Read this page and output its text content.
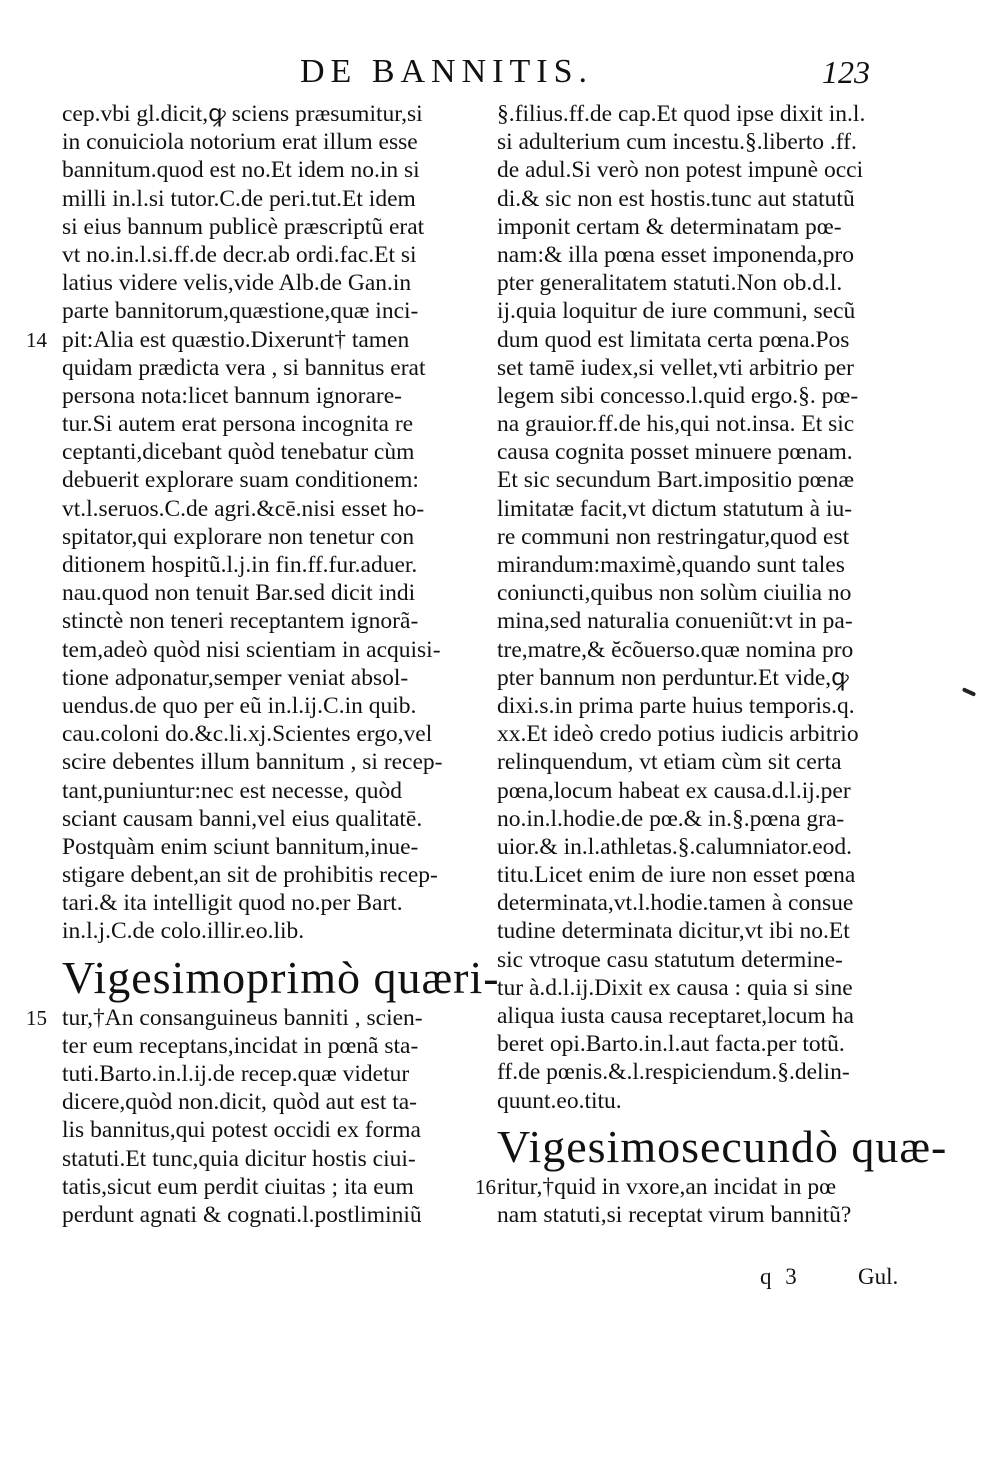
DE BANNITIS.	123
cep.vbi gl.dicit,ꝙ sciens præsumitur,si
in conuiciola notorium erat illum esse
bannitum.quod est no.Et idem no.in si
milli in.l.si tutor.C.de peri.tut.Et idem
si eius bannum publicè præscriptũ erat
vt no.in.l.si.ff.de decr.ab ordi.fac.Et si
latius videre velis,vide Alb.de Gan.in
parte bannitorum,quæstione,quæ inci-
14 pit:Alia est quæstio.Dixerunt† tamen
quidam prædicta vera , si bannitus erat
persona nota:licet bannum ignorare-
tur.Si autem erat persona incognita re
ceptanti,dicebant quòd tenebatur cùm
debuerit explorare suam conditionem:
vt.l.seruos.C.de agri.&cē.nisi esset ho-
spitator,qui explorare non tenetur con
ditionem hospitũ.l.j.in fin.ff.fur.aduer.
nau.quod non tenuit Bar.sed dicit indi
stinctè non teneri receptantem ignorã-
tem,adeò quòd nisi scientiam in acquisi-
tione adponatur,semper veniat absol-
uendus.de quo per eũ in.l.ij.C.in quib.
cau.coloni do.&c.li.xj.Scientes ergo,vel
scire debentes illum bannitum , si recep-
tant,puniuntur:nec est necesse, quòd
sciant causam banni,vel eius qualitatē.
Postquàm enim sciunt bannitum,inue-
stigare debent,an sit de prohibitis recep-
tari.& ita intelligit quod no.per Bart.
in.l.j.C.de colo.illir.eo.lib.
Vigesimoprimò quæri-
15 tur,†An consanguineus banniti , scien-
ter eum receptans,incidat in pœnã sta-
tuti.Barto.in.l.ij.de recep.quæ videtur
dicere,quòd non.dicit, quòd aut est ta-
lis bannitus,qui potest occidi ex forma
statuti.Et tunc,quia dicitur hostis ciui-
tatis,sicut eum perdit ciuitas ; ita eum
perdunt agnati & cognati.l.postliminiũ
§.filius.ff.de cap.Et quod ipse dixit in.l.
si adulterium cum incestu.§.liberto .ff.
de adul.Si verò non potest impunè occi
di.& sic non est hostis.tunc aut statutũ
imponit certam & determinatam pœ-
nam:& illa pœna esset imponenda,pro
pter generalitatem statuti.Non ob.d.l.
ij.quia loquitur de iure communi, secũ
dum quod est limitata certa pœna.Pos
set tamē iudex,si vellet,vti arbitrio per
legem sibi concesso.l.quid ergo.§. pœ-
na grauior.ff.de his,qui not.insa. Et sic
causa cognita posset minuere pœnam.
Et sic secundum Bart.impositio pœnæ
limitatæ facit,vt dictum statutum à iu-
re communi non restringatur,quod est
mirandum:maximè,quando sunt tales
coniuncti,quibus non solùm ciuilia no
mina,sed naturalia conueniũt:vt in pa-
tre,matre,& ĕcõuerso.quæ nomina pro
pter bannum non perduntur.Et vide,ꝙ
dixi.s.in prima parte huius temporis.q.
xx.Et ideò credo potius iudicis arbitrio
relinquendum, vt etiam cùm sit certa
pœna,locum habeat ex causa.d.l.ij.per
no.in.l.hodie.de pœ.& in.§.pœna gra-
uior.& in.l.athletas.§.calumniator.eod.
titu.Licet enim de iure non esset pœna
determinata,vt.l.hodie.tamen à consue
tudine determinata dicitur,vt ibi no.Et
sic vtroque casu statutum determine-
tur à.d.l.ij.Dixit ex causa : quia si sine
aliqua iusta causa receptaret,locum ha
beret opi.Barto.in.l.aut facta.per totũ.
ff.de pœnis.&.l.respiciendum.§.delin-
quunt.eo.titu.
Vigesimosecundò quæ-
16 ritur,†quid in vxore,an incidat in pœ
nam statuti,si receptat virum bannitũ?
q 3 Gul.
